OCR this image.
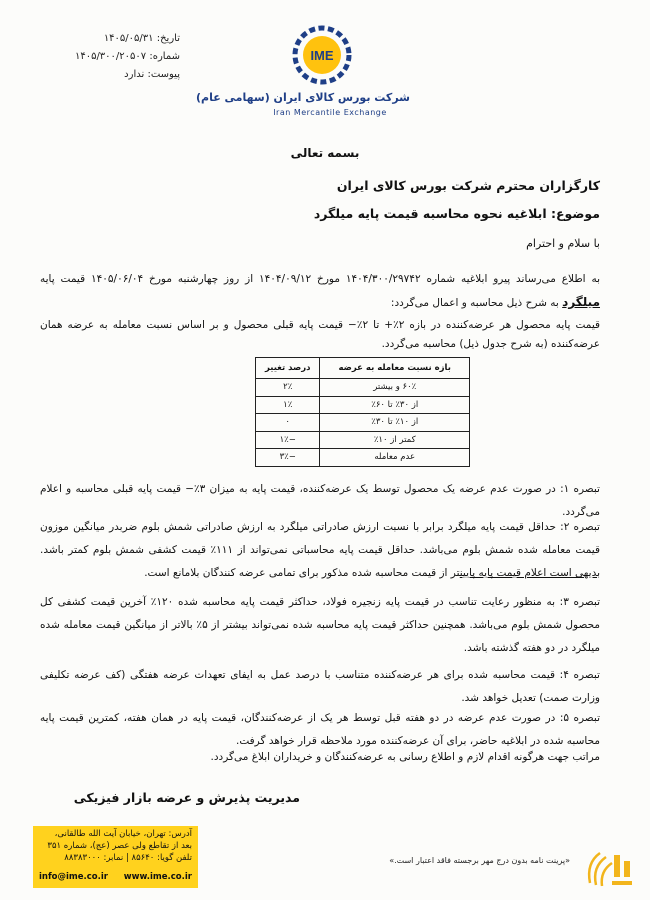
تاریخ: ۱۴۰۵/۰۵/۳۱
شماره: ۱۴۰۵/۳۰۰/۲۰۵۰۷
پیوست: ندارد
IME
شرکت بورس کالای ایران (سهامی عام)
Iran Mercantile Exchange
بسمه تعالی
کارگزاران محترم شرکت بورس کالای ایران
موضوع: ابلاغیه نحوه محاسبه قیمت پایه میلگرد
با سلام و احترام
به اطلاع می‌رساند پیرو ابلاغیه شماره ۱۴۰۴/۳۰۰/۲۹۷۴۲ مورخ ۱۴۰۴/۰۹/۱۲ از روز چهارشنبه مورخ ۱۴۰۵/۰۶/۰۴ قیمت پایه میلگرد به شرح ذیل محاسبه و اعمال می‌گردد:
قیمت پایه محصول هر عرضه‌کننده در بازه ۲٪+ تا ۲٪− قیمت پایه قبلی محصول و بر اساس نسبت معامله به عرضه همان عرضه‌کننده (به شرح جدول ذیل) محاسبه می‌گردد.
بازه نسبت معامله به عرضه	درصد تغییر
۶۰٪ و بیشتر	۲٪
از ۳۰٪ تا ۶۰٪	۱٪
از ۱۰٪ تا ۳۰٪	۰
کمتر از ۱۰٪	−۱٪
عدم معامله	−۳٪
تبصره ۱: در صورت عدم عرضه یک محصول توسط یک عرضه‌کننده، قیمت پایه به میزان ۳٪− قیمت پایه قبلی محاسبه و اعلام می‌گردد.
تبصره ۲: حداقل قیمت پایه میلگرد برابر با نسبت ارزش صادراتی میلگرد به ارزش صادراتی شمش بلوم ضربدر میانگین موزون قیمت معامله شده شمش بلوم می‌باشد. حداقل قیمت پایه محاسباتی نمی‌تواند از ۱۱۱٪ قیمت کشفی شمش بلوم کمتر باشد. بدیهی است اعلام قیمت پایه پایینتر از قیمت محاسبه شده مذکور برای تمامی عرضه کنندگان بلامانع است.
تبصره ۳: به منظور رعایت تناسب در قیمت پایه زنجیره فولاد، حداکثر قیمت پایه محاسبه شده ۱۲۰٪ آخرین قیمت کشفی کل محصول شمش بلوم می‌باشد. همچنین حداکثر قیمت پایه محاسبه شده نمی‌تواند بیشتر از ۵٪ بالاتر از میانگین قیمت معامله شده میلگرد در دو هفته گذشته باشد.
تبصره ۴: قیمت محاسبه شده برای هر عرضه‌کننده متناسب با درصد عمل به ایفای تعهدات عرضه هفتگی (کف عرضه تکلیفی وزارت صمت) تعدیل خواهد شد.
تبصره ۵: در صورت عدم عرضه در دو هفته قبل توسط هر یک از عرضه‌کنندگان، قیمت پایه در همان هفته، کمترین قیمت پایه محاسبه شده در ابلاغیه حاضر، برای آن عرضه‌کننده مورد ملاحظه قرار خواهد گرفت.
مراتب جهت هرگونه اقدام لازم و اطلاع رسانی به عرضه‌کنندگان و خریداران ابلاغ می‌گردد.
مدیریت پذیرش و عرضه بازار فیزیکی
آدرس: تهران، خیابان آیت الله طالقانی،
بعد از تقاطع ولی عصر (عج)، شماره ۳۵۱
تلفن گویا: ۸۵۶۴۰ | نمابر: ۸۸۳۸۳۰۰۰
info@ime.co.ir www.ime.co.ir
«پرینت نامه بدون درج مهر برجسته فاقد اعتبار است.»
